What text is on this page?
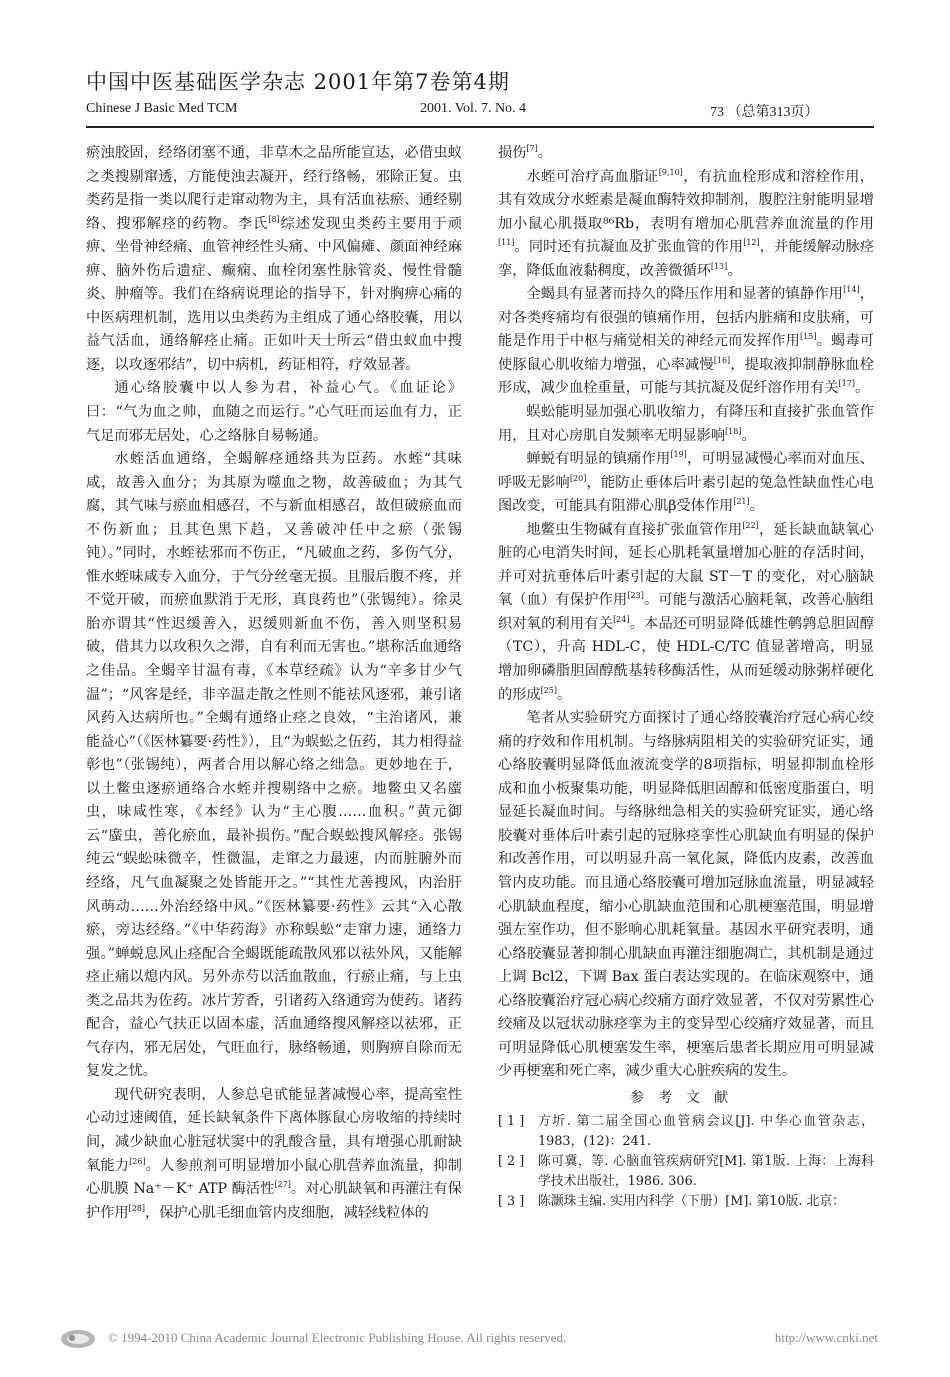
中国中医基础医学杂志 2001年第7卷第4期
Chinese J Basic Med TCM	2001. Vol. 7. No. 4	73 （总第313页）

瘀浊胶固，经络闭塞不通，非草木之品所能宣达，必借虫蚁之类搜剔窜透，方能使浊去凝开，经行络畅，邪除正复。虫类药是指一类以爬行走窜动物为主，具有活血祛瘀、通经剔络、搜邪解痉的药物。李氏[8]综述发现虫类药主要用于顽痹、坐骨神经痛、血管神经性头痛、中风偏瘫、颜面神经麻痹、脑外伤后遗症、癫痫、血栓闭塞性脉管炎、慢性骨髓炎、肿瘤等。我们在络病说理论的指导下，针对胸痹心痛的中医病理机制，选用以虫类药为主组成了通心络胶囊，用以益气活血，通络解痉止痛。正如叶天士所云“借虫蚁血中搜逐，以攻逐邪结”，切中病机，药证相符，疗效显著。

通心络胶囊中以人参为君，补益心气。《血证论》曰：“气为血之帅，血随之而运行。”心气旺而运血有力，正气足而邪无居处，心之络脉自易畅通。

水蛭活血通络，全蝎解痉通络共为臣药。水蛭“其味咸，故善入血分；为其原为噬血之物，故善破血；为其气腐，其气味与瘀血相感召，不与新血相感召，故但破瘀血而不伤新血；且其色黑下趋，又善破冲任中之瘀（张锡钝）。”同时，水蛭祛邪而不伤正，“凡破血之药，多伤气分，惟水蛭味咸专入血分，于气分丝毫无损。且服后腹不疼，并不觉开破，而瘀血默消于无形，真良药也”（张锡纯）。徐灵胎亦谓其“性迟缓善入，迟缓则新血不伤，善入则坚积易破，借其力以攻积久之滞，自有利而无害也。”堪称活血通络之佳品。全蝎辛甘温有毒，《本草经疏》认为“辛多甘少气温”；“风客是经，非辛温走散之性则不能祛风逐邪，兼引诸风药入达病所也。”全蝎有通络止痉之良效，“主治诸风，兼能益心”（《医林纂要·药性》），且“为蜈蚣之伍药，其力相得益彰也”（张锡纯），两者合用以解心络之绌急。更妙地在于，以土鳖虫逐瘀通络合水蛭并搜剔络中之瘀。地鳖虫又名䗪虫，味咸性寒，《本经》认为“主心腹……血积。”黄元御云“䗪虫，善化瘀血，最补损伤。”配合蜈蚣搜风解痉。张锡纯云“蜈蚣味微辛，性微温，走窜之力最速，内而脏腑外而经络，凡气血凝聚之处皆能开之。”“其性尤善搜风，内治肝风萌动……外治经络中风。”《医林纂要·药性》云其“入心散瘀，旁达经络。”《中华药海》亦称蜈蚣“走窜力速，通络力强。”蝉蜕息风止痉配合全蝎既能疏散风邪以祛外风，又能解痉止痛以熄内风。另外赤芍以活血散血，行瘀止痛，与上虫类之品共为佐药。冰片芳香，引诸药入络通窍为使药。诸药配合，益心气扶正以固本虚，活血通络搜风解痉以祛邪，正气存内，邪无居处，气旺血行，脉络畅通，则胸痹自除而无复发之忧。

现代研究表明，人参总皂甙能显著减慢心率，提高室性心动过速阈值，延长缺氧条件下离体豚鼠心房收缩的持续时间，减少缺血心脏冠状窦中的乳酸含量，具有增强心肌耐缺氧能力[26]。人参煎剂可明显增加小鼠心肌营养血流量，抑制心肌膜 Na⁺－K⁺ ATP 酶活性[27]。对心肌缺氧和再灌注有保护作用[28]，保护心肌毛细血管内皮细胞，减轻线粒体的

损伤[7]。

水蛭可治疗高血脂证[9,10]，有抗血栓形成和溶栓作用，其有效成分水蛭素是凝血酶特效抑制剂，腹腔注射能明显增加小鼠心肌摄取⁸⁶Rb，表明有增加心肌营养血流量的作用[11]。同时还有抗凝血及扩张血管的作用[12]，并能缓解动脉痉挛，降低血液黏稠度，改善微循环[13]。

全蝎具有显著而持久的降压作用和显著的镇静作用[14]，对各类疼痛均有很强的镇痛作用，包括内脏痛和皮肤痛，可能是作用于中枢与痛觉相关的神经元而发挥作用[15]。蝎毒可使豚鼠心肌收缩力增强，心率减慢[16]，提取液抑制静脉血栓形成，减少血栓重量，可能与其抗凝及促纤溶作用有关[17]。

蜈蚣能明显加强心肌收缩力，有降压和直接扩张血管作用，且对心房肌自发频率无明显影响[18]。

蝉蜕有明显的镇痛作用[19]，可明显减慢心率而对血压、呼吸无影响[20]，能防止垂体后叶素引起的兔急性缺血性心电图改变，可能具有阻滞心肌β受体作用[21]。

地鳖虫生物碱有直接扩张血管作用[22]，延长缺血缺氧心脏的心电消失时间，延长心肌耗氧量增加心脏的存活时间，并可对抗垂体后叶素引起的大鼠 ST－T 的变化，对心脑缺氧（血）有保护作用[23]。可能与激活心脑耗氧，改善心脑组织对氧的利用有关[24]。本品还可明显降低雄性鹌鹑总胆固醇（TC），升高 HDL-C，使 HDL-C/TC 值显著增高，明显增加卵磷脂胆固醇酰基转移酶活性，从而延缓动脉粥样硬化的形成[25]。

笔者从实验研究方面探讨了通心络胶囊治疗冠心病心绞痛的疗效和作用机制。与络脉病阻相关的实验研究证实，通心络胶囊明显降低血液流变学的8项指标，明显抑制血栓形成和血小板聚集功能，明显降低胆固醇和低密度脂蛋白，明显延长凝血时间。与络脉绌急相关的实验研究证实，通心络胶囊对垂体后叶素引起的冠脉痉挛性心肌缺血有明显的保护和改善作用，可以明显升高一氧化氮，降低内皮素，改善血管内皮功能。而且通心络胶囊可增加冠脉血流量，明显减轻心肌缺血程度，缩小心肌缺血范围和心肌梗塞范围，明显增强左室作功，但不影响心肌耗氧量。基因水平研究表明，通心络胶囊显著抑制心肌缺血再灌注细胞凋亡，其机制是通过上调 Bcl2，下调 Bax 蛋白表达实现的。在临床观察中，通心络胶囊治疗冠心病心绞痛方面疗效显著，不仅对劳累性心绞痛及以冠状动脉痉挛为主的变异型心绞痛疗效显著，而且可明显降低心肌梗塞发生率，梗塞后患者长期应用可明显减少再梗塞和死亡率，减少重大心脏疾病的发生。

参考文献
[ 1 ] 方圻. 第二届全国心血管病会议[J]. 中华心血管杂志，1983，(12)：241.
[ 2 ] 陈可冀，等. 心脑血管疾病研究[M]. 第1版. 上海：上海科学技术出版社，1986. 306.
[ 3 ] 陈灏珠主编. 实用内科学（下册）[M]. 第10版. 北京：
© 1994-2010 China Academic Journal Electronic Publishing House. All rights reserved.	http://www.cnki.net
